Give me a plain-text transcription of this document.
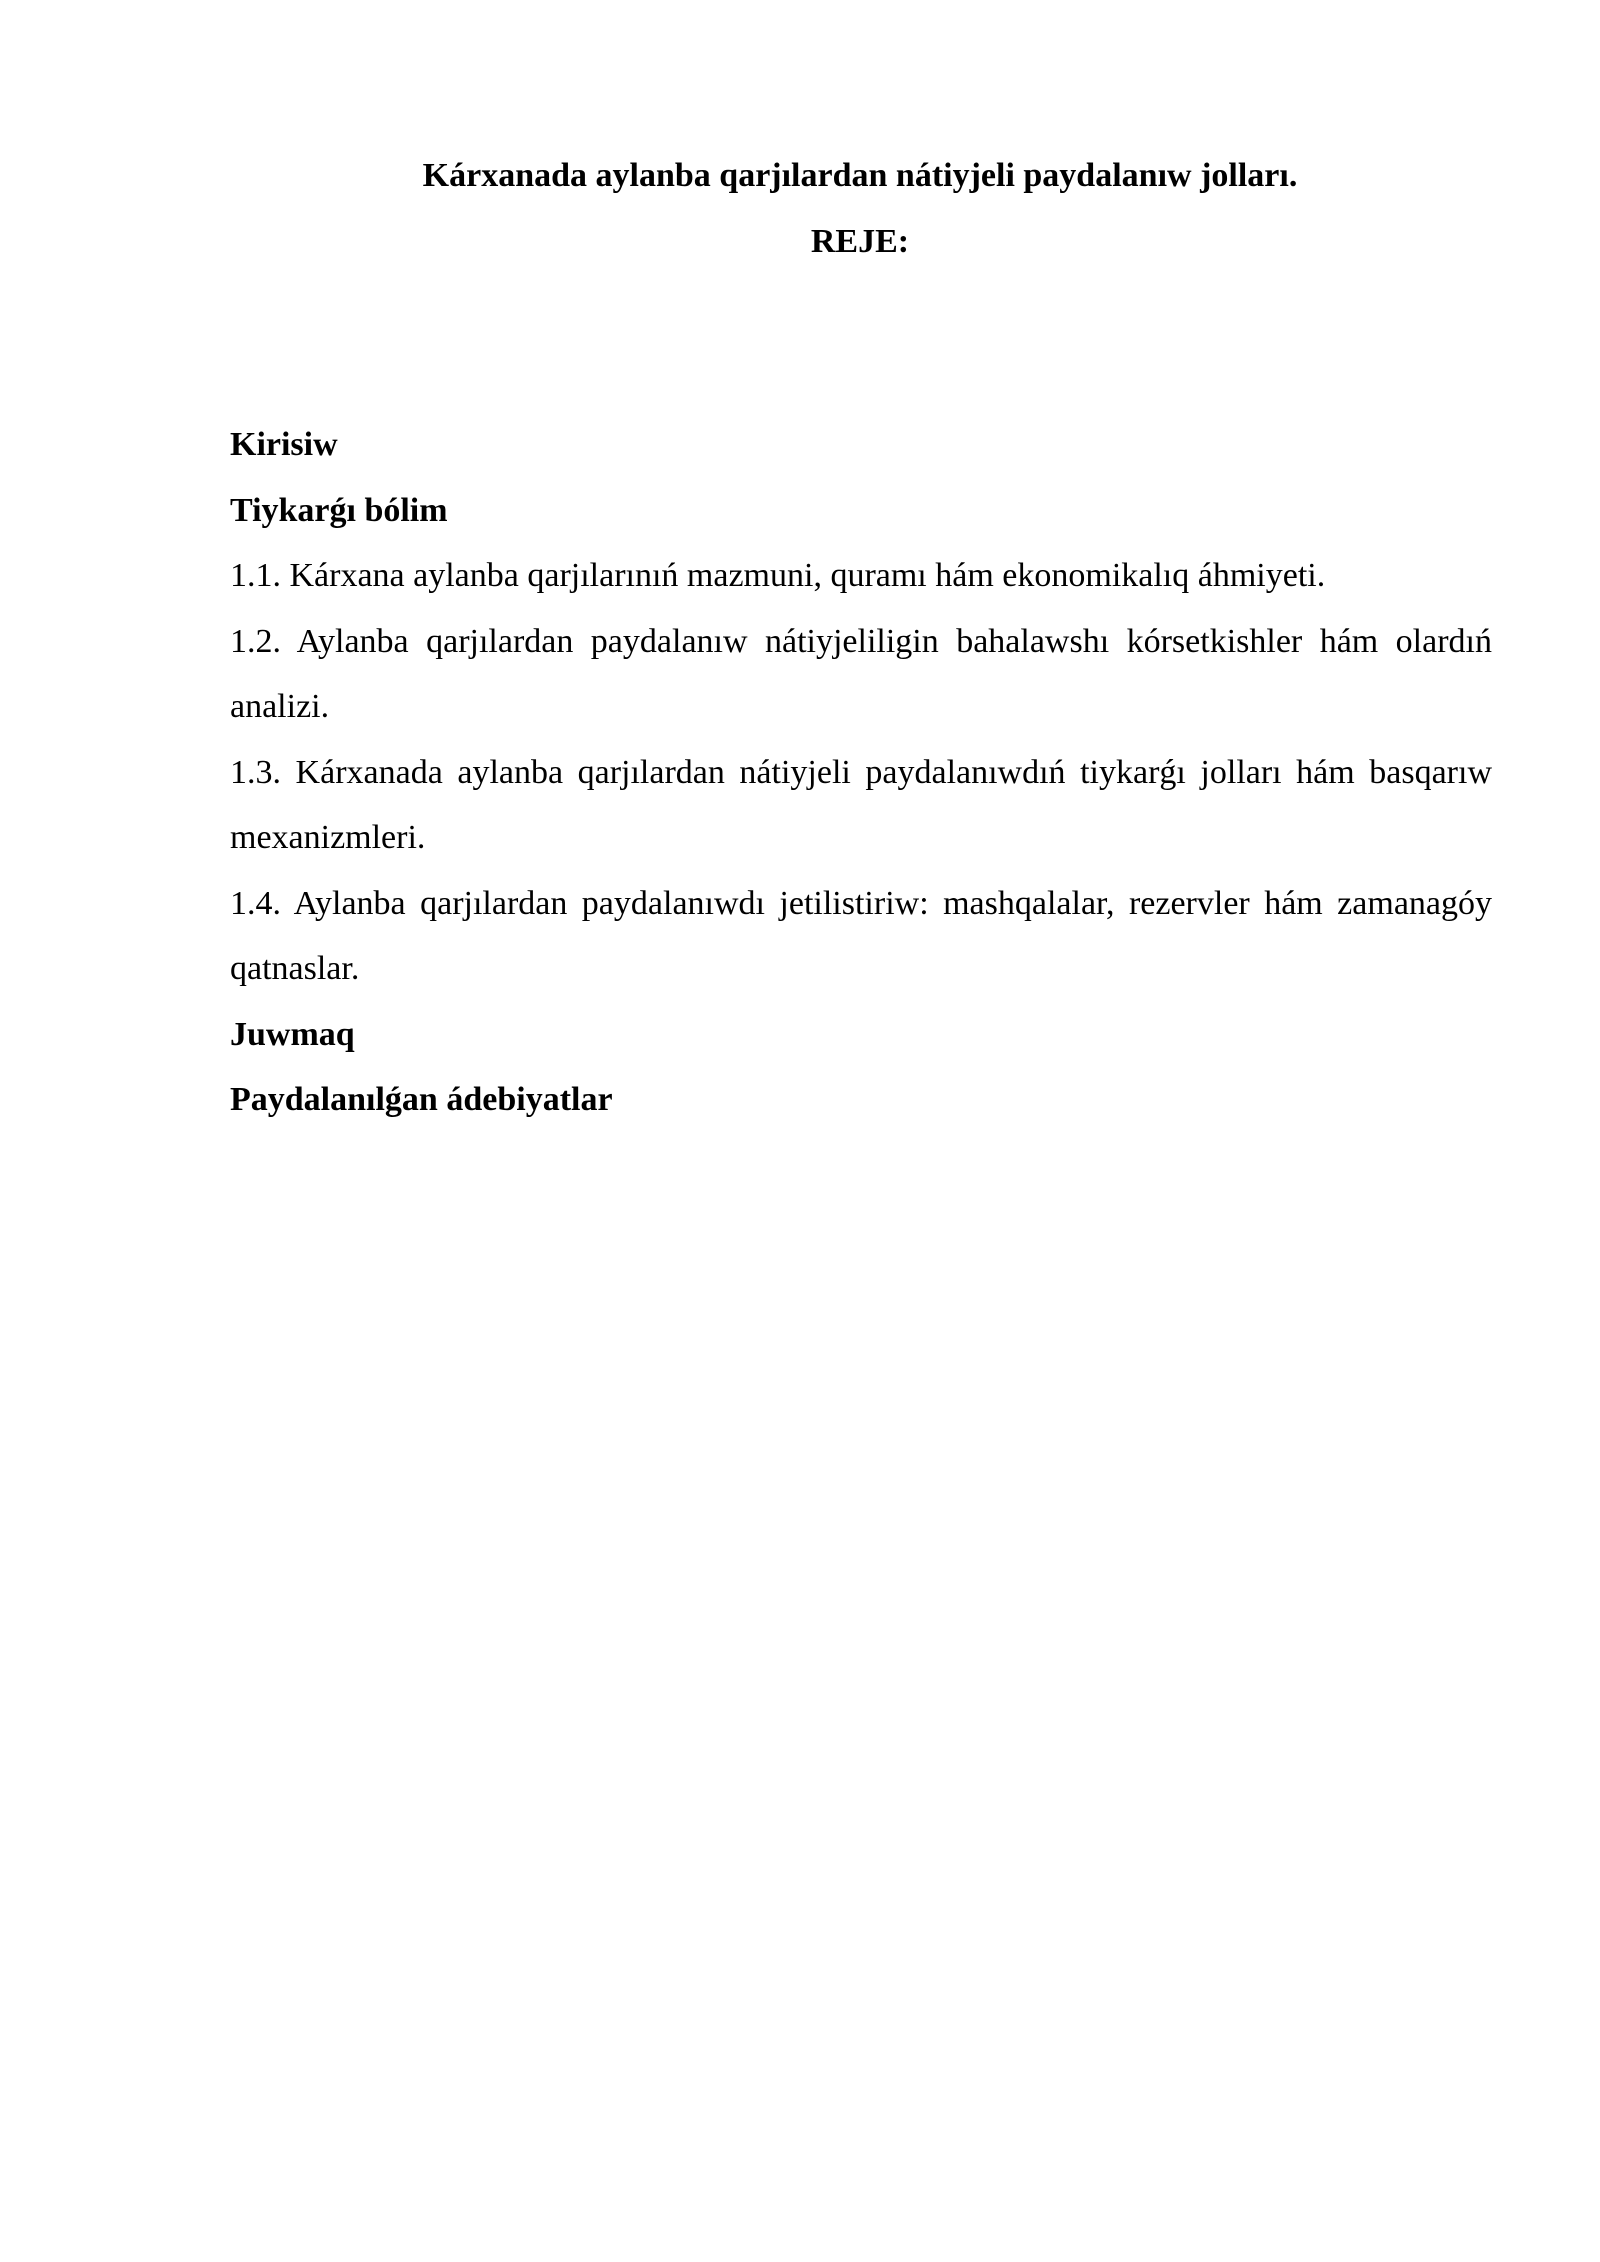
Kárxanada aylanba qarjılardan nátiyjeli paydalanıw jolları.
REJE:
Kirisiw
Tiykarǵı bólim
1.1. Kárxana aylanba qarjılarınıń mazmuni, quramı hám ekonomikalıq áhmiyeti.
1.2. Aylanba qarjılardan paydalanıw nátiyjeliligin bahalawshı kórsetkishler hám olardıń analizi.
1.3. Kárxanada aylanba qarjılardan nátiyjeli paydalanıwdıń tiykarǵı jolları hám basqarıw mexanizmleri.
1.4. Aylanba qarjılardan paydalanıwdı jetilistiriw: mashqalalar, rezervler hám zamanagóy qatnaslar.
Juwmaq
Paydalanılǵan ádebiyatlar
